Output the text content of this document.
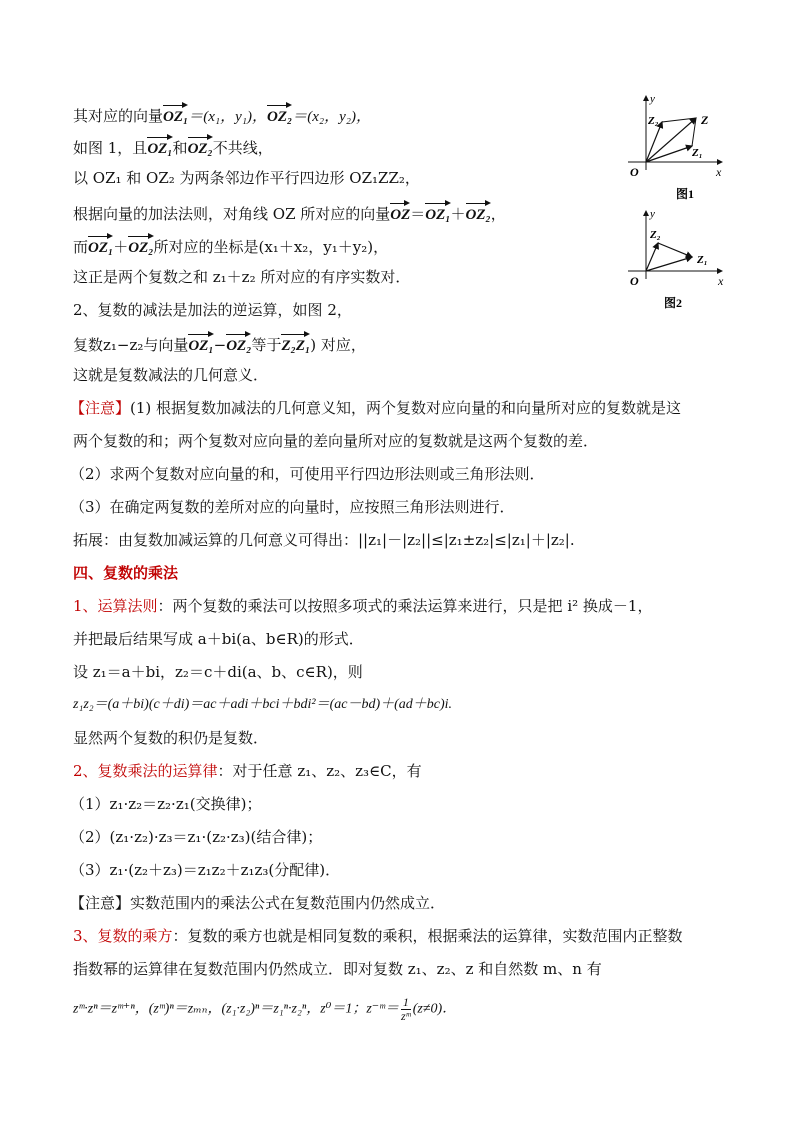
其对应的向量OZ₁＝(x₁，y₁)，OZ₂＝(x₂，y₂)，
如图 1，且OZ₁和OZ₂不共线，
以 OZ₁ 和 OZ₂ 为两条邻边作平行四边形 OZ₁ZZ₂，
根据向量的加法法则，对角线 OZ 所对应的向量OZ＝OZ₁＋OZ₂，
而OZ₁＋OZ₂所对应的坐标是(x₁＋x₂，y₁＋y₂)，
这正是两个复数之和 z₁＋z₂ 所对应的有序实数对．
2、复数的减法是加法的逆运算，如图 2，
复数z₁−z₂与向量OZ₁−OZ₂等于Z₂Z₁) 对应，
这就是复数减法的几何意义．
【注意】(1) 根据复数加减法的几何意义知，两个复数对应向量的和向量所对应的复数就是这
两个复数的和；两个复数对应向量的差向量所对应的复数就是这两个复数的差．
（2）求两个复数对应向量的和，可使用平行四边形法则或三角形法则．
（3）在确定两复数的差所对应的向量时，应按照三角形法则进行．
拓展：由复数加减运算的几何意义可得出：||z₁|－|z₂||≤|z₁±z₂|≤|z₁|＋|z₂|.
四、复数的乘法
1、运算法则：两个复数的乘法可以按照多项式的乘法运算来进行，只是把 i² 换成－1，
并把最后结果写成 a＋bi(a、b∈R)的形式．
设 z₁＝a＋bi，z₂＝c＋di(a、b、c∈R)，则
z₁z₂＝(a＋bi)(c＋di)＝ac＋adi＋bci＋bdi²＝(ac－bd)＋(ad＋bc)i.
显然两个复数的积仍是复数．
2、复数乘法的运算律：对于任意 z₁、z₂、z₃∈C，有
（1）z₁·z₂＝z₂·z₁(交换律)；
（2）(z₁·z₂)·z₃＝z₁·(z₂·z₃)(结合律)；
（3）z₁·(z₂＋z₃)＝z₁z₂＋z₁z₃(分配律)．
【注意】实数范围内的乘法公式在复数范围内仍然成立．
3、复数的乘方：复数的乘方也就是相同复数的乘积，根据乘法的运算律，实数范围内正整数
指数幂的运算律在复数范围内仍然成立．即对复数 z₁、z₂、z 和自然数 m、n 有
zᵐ·zⁿ＝zᵐ⁺ⁿ，(zᵐ)ⁿ＝zₘₙ，(z₁·z₂)ⁿ＝z₁ⁿ·z₂ⁿ，z⁰＝1；z⁻ᵐ＝ $\frac{1}{\text{zᵐ}} (z\ne 0)$．
y
x
O
Z
Z₁
Z₂
图1
y
x
O
Z₁
Z₂
图2
